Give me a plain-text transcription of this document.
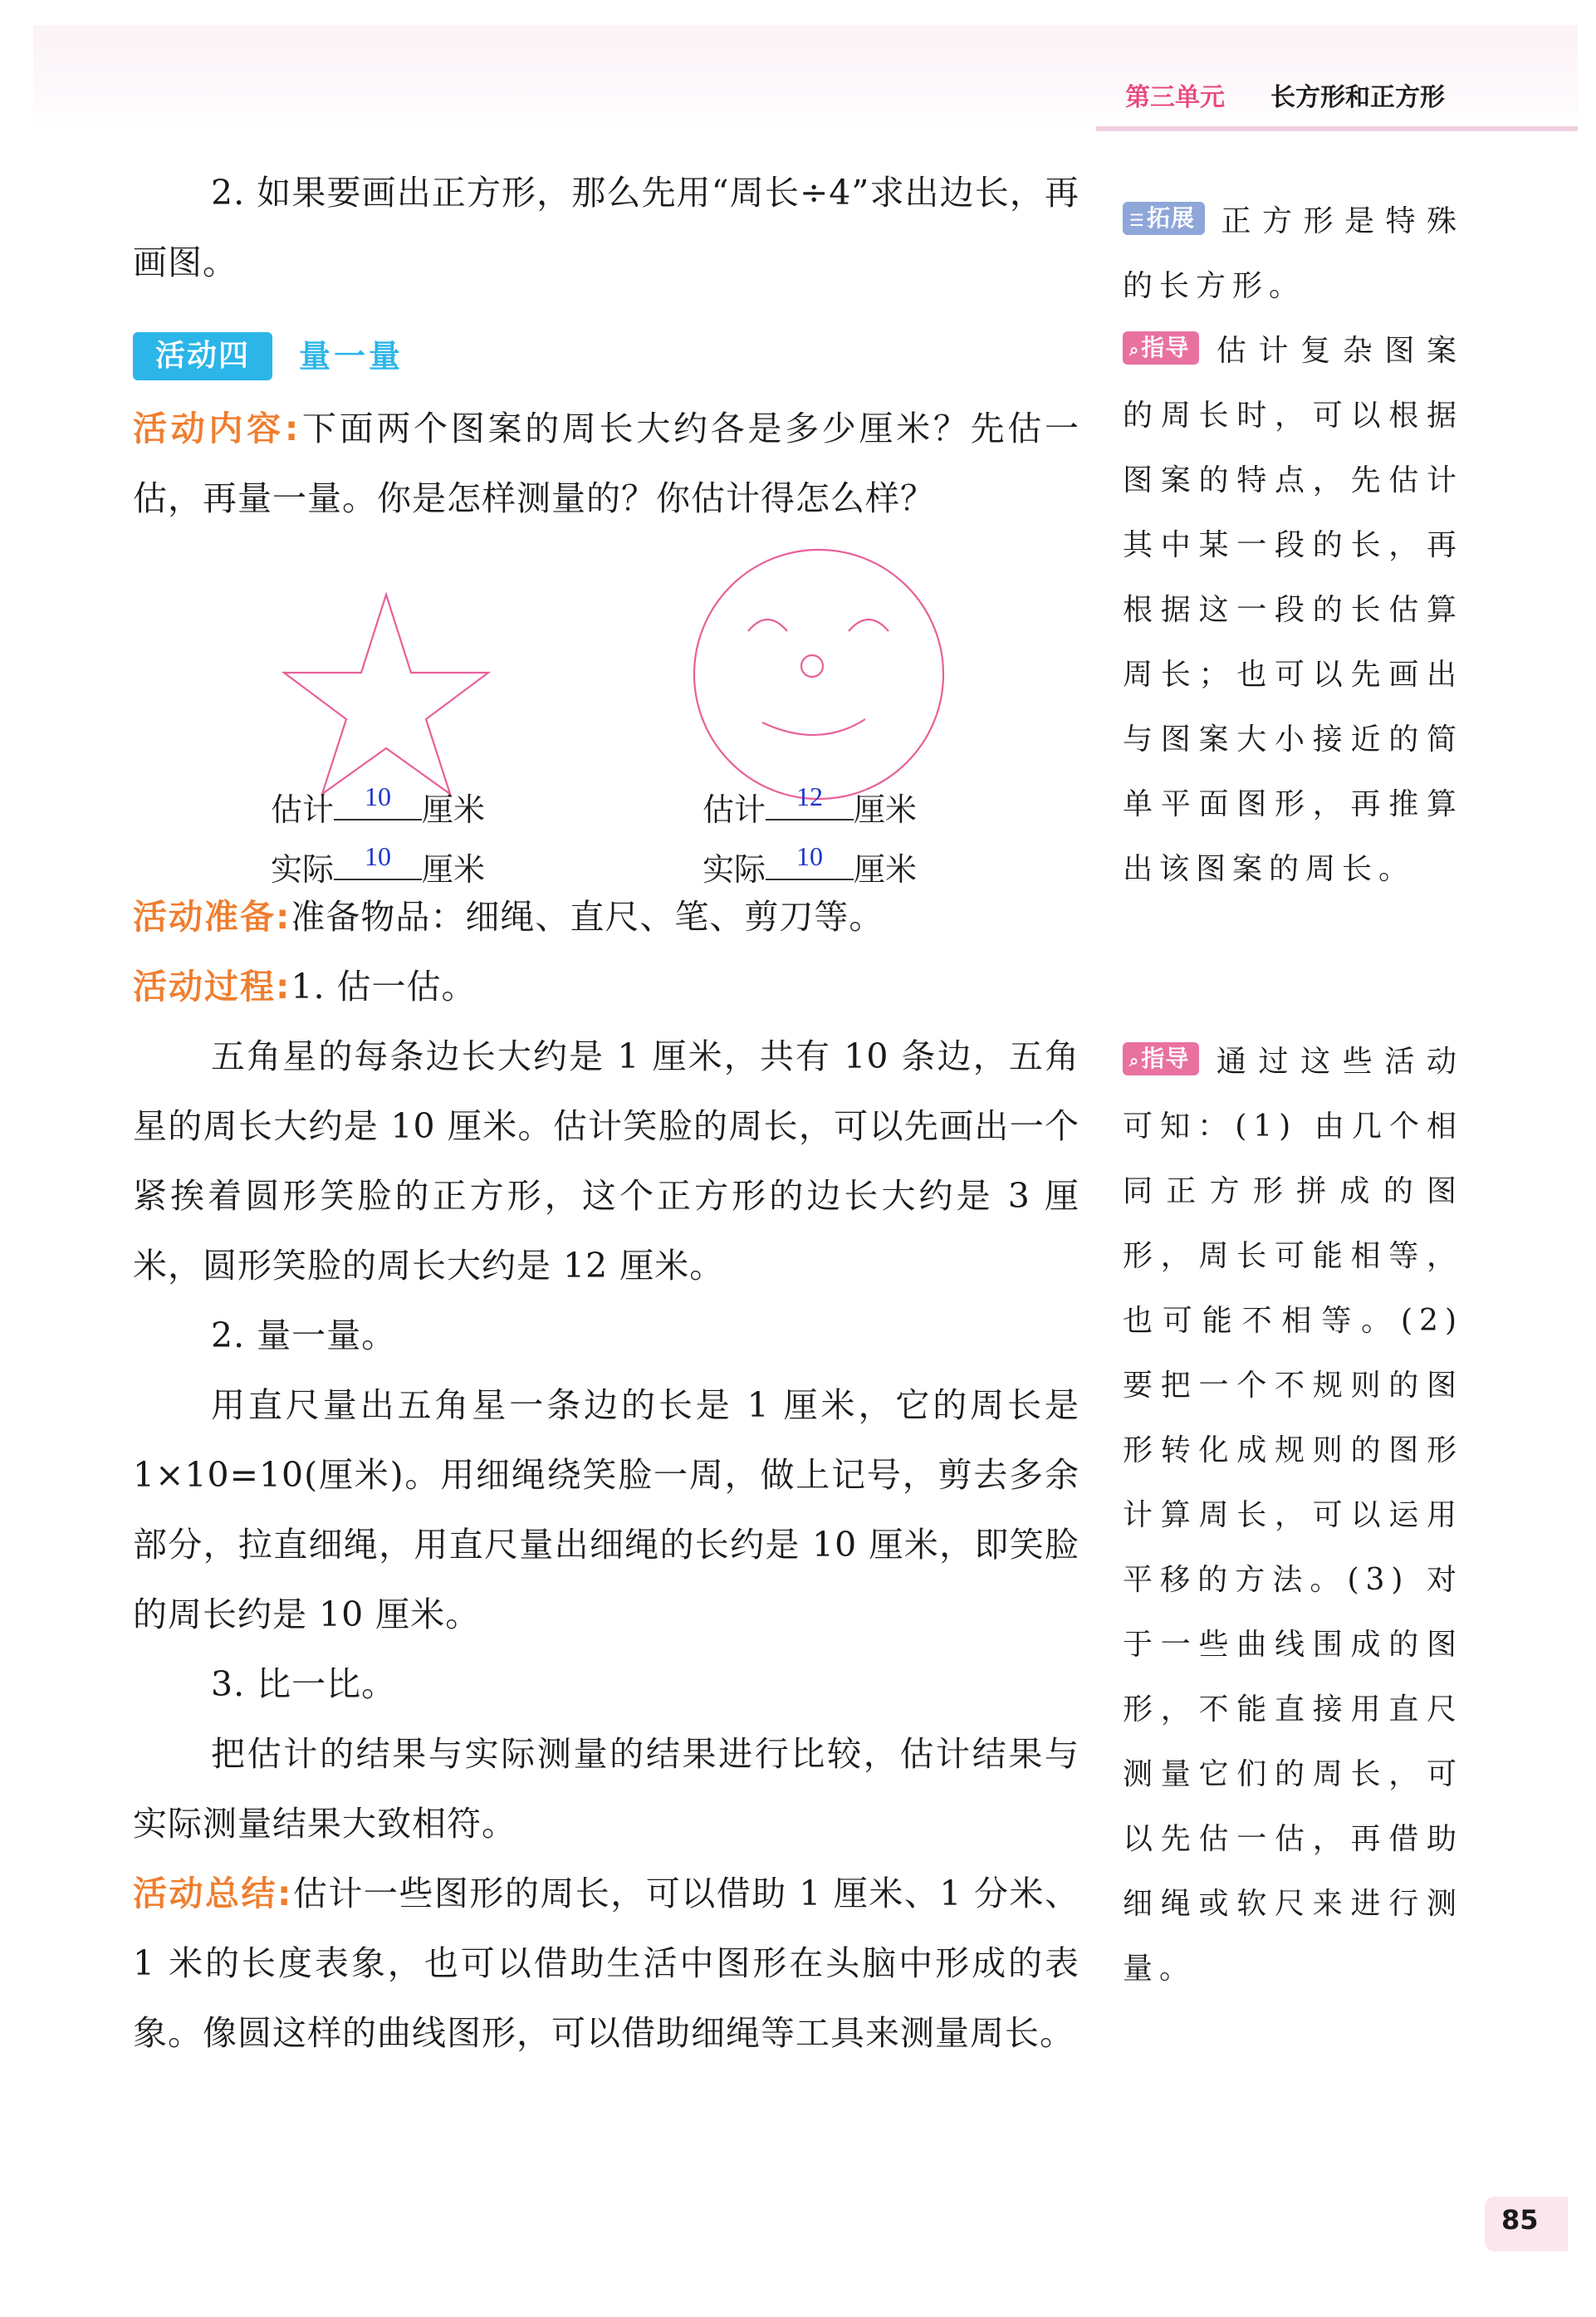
第三单元 长方形和正方形

2. 如果要画出正方形，那么先用“周长÷4”求出边长，再画图。

活动四	量一量

活动内容:下面两个图案的周长大约各是多少厘米？先估一估，再量一量。你是怎样测量的？你估计得怎么样？

估计	10 厘米
实际	10 厘米
估计	12 厘米
实际	10 厘米

活动准备:准备物品：细绳、直尺、笔、剪刀等。

活动过程:1. 估一估。

五角星的每条边长大约是 1 厘米，共有 10 条边，五角星的周长大约是 10 厘米。估计笑脸的周长，可以先画出一个紧挨着圆形笑脸的正方形，这个正方形的边长大约是 3 厘米，圆形笑脸的周长大约是 12 厘米。

2. 量一量。

用直尺量出五角星一条边的长是 1 厘米，它的周长是 1×10=10(厘米)。用细绳绕笑脸一周，做上记号，剪去多余部分，拉直细绳，用直尺量出细绳的长约是 10 厘米，即笑脸的周长约是 10 厘米。

3. 比一比。

把估计的结果与实际测量的结果进行比较，估计结果与实际测量结果大致相符。

活动总结:估计一些图形的周长，可以借助 1 厘米、1 分米、1 米的长度表象，也可以借助生活中图形在头脑中形成的表象。像圆这样的曲线图形，可以借助细绳等工具来测量周长。

☰拓展 正方形是特殊的长方形。

⌕指导 估计复杂图案的周长时，可以根据图案的特点，先估计其中某一段的长，再根据这一段的长估算周长；也可以先画出与图案大小接近的简单平面图形，再推算出该图案的周长。

⌕指导 通过这些活动可知：(1) 由几个相同正方形拼成的图形，周长可能相等，也可能不相等。(2) 要把一个不规则的图形转化成规则的图形计算周长，可以运用平移的方法。(3) 对于一些曲线围成的图形，不能直接用直尺测量它们的周长，可以先估一估，再借助细绳或软尺来进行测量。

85
